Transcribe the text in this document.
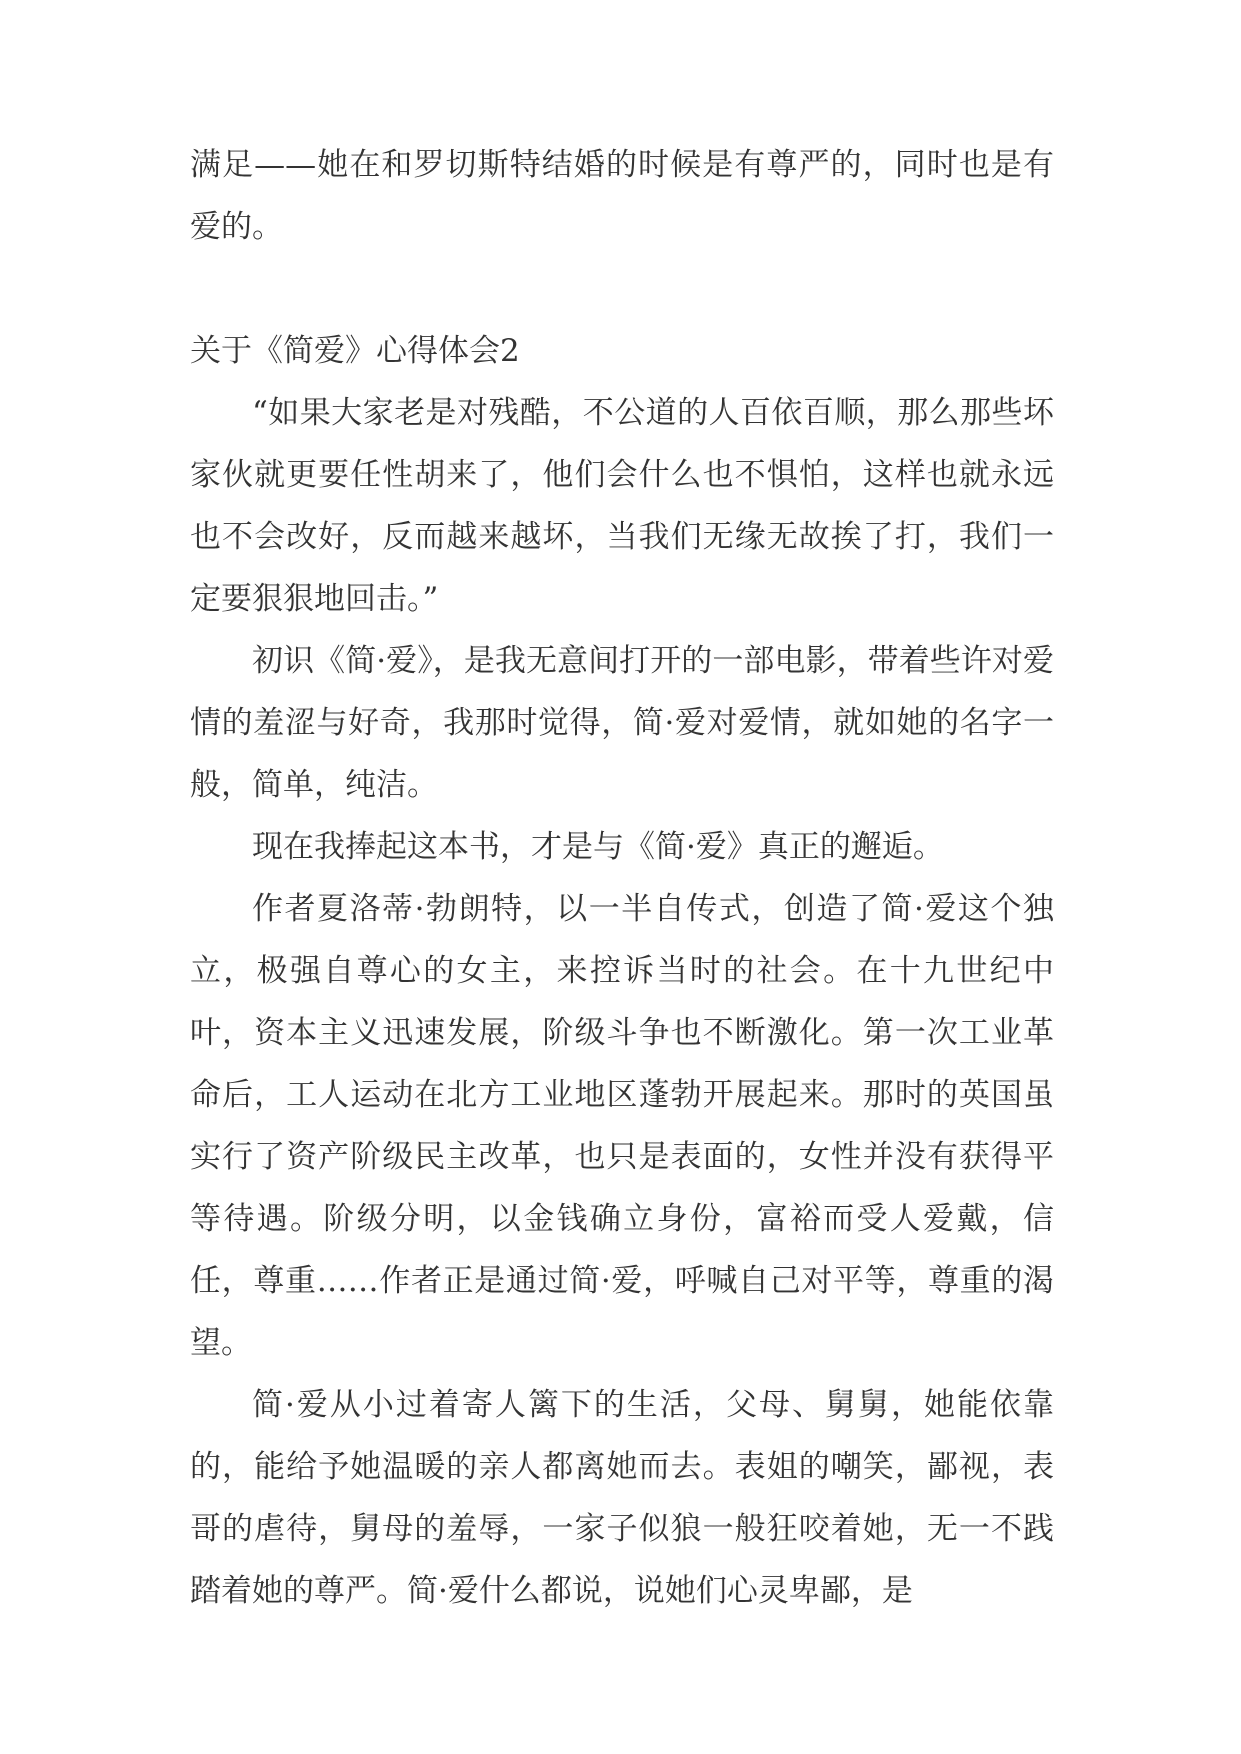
满足——她在和罗切斯特结婚的时候是有尊严的，同时也是有爱的。

关于《简爱》心得体会2

“如果大家老是对残酷，不公道的人百依百顺，那么那些坏家伙就更要任性胡来了，他们会什么也不惧怕，这样也就永远也不会改好，反而越来越坏，当我们无缘无故挨了打，我们一定要狠狠地回击。”

初识《简·爱》，是我无意间打开的一部电影，带着些许对爱情的羞涩与好奇，我那时觉得，简·爱对爱情，就如她的名字一般，简单，纯洁。

现在我捧起这本书，才是与《简·爱》真正的邂逅。

作者夏洛蒂·勃朗特，以一半自传式，创造了简·爱这个独立，极强自尊心的女主，来控诉当时的社会。在十九世纪中叶，资本主义迅速发展，阶级斗争也不断激化。第一次工业革命后，工人运动在北方工业地区蓬勃开展起来。那时的英国虽实行了资产阶级民主改革，也只是表面的，女性并没有获得平等待遇。阶级分明，以金钱确立身份，富裕而受人爱戴，信任，尊重……作者正是通过简·爱，呼喊自己对平等，尊重的渴望。

简·爱从小过着寄人篱下的生活，父母、舅舅，她能依靠的，能给予她温暖的亲人都离她而去。表姐的嘲笑，鄙视，表哥的虐待，舅母的羞辱，一家子似狼一般狂咬着她，无一不践踏着她的尊严。简·爱什么都说，说她们心灵卑鄙，是
